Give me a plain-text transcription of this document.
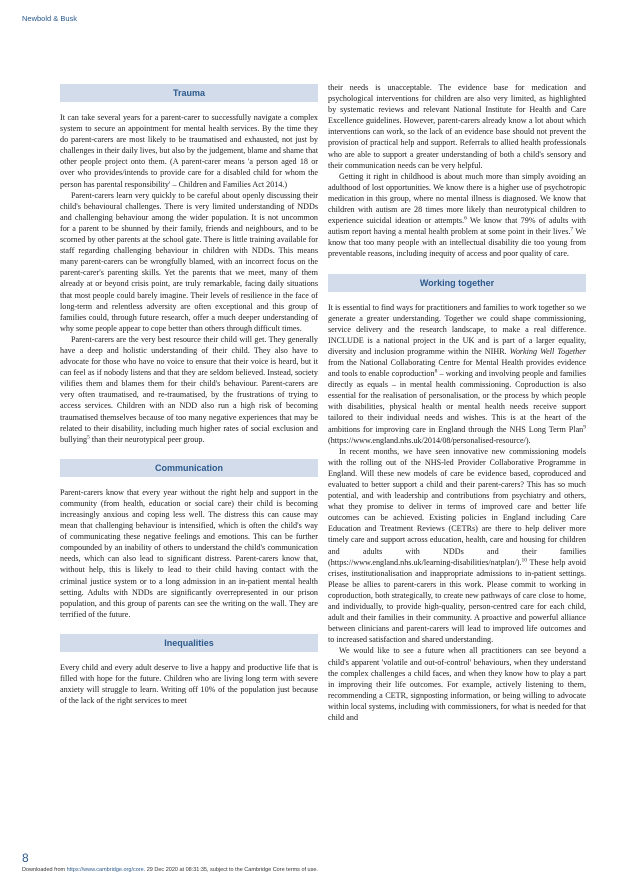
Newbold & Busk
Trauma

It can take several years for a parent-carer to successfully navigate a complex system to secure an appointment for mental health services. By the time they do parent-carers are most likely to be traumatised and exhausted, not just by challenges in their daily lives, but also by the judgement, blame and shame that other people project onto them. (A parent-carer means 'a person aged 18 or over who provides/intends to provide care for a disabled child for whom the person has parental responsibility' – Children and Families Act 2014.)

Parent-carers learn very quickly to be careful about openly discussing their child's behavioural challenges. There is very limited understanding of NDDs and challenging behaviour among the wider population. It is not uncommon for a parent to be shunned by their family, friends and neighbours, and to be scorned by other parents at the school gate. There is little training available for staff regarding challenging behaviour in children with NDDs. This means many parent-carers can be wrongfully blamed, with an incorrect focus on the parent-carer's parenting skills. Yet the parents that we meet, many of them already at or beyond crisis point, are truly remarkable, facing daily situations that most people could barely imagine. Their levels of resilience in the face of long-term and relentless adversity are often exceptional and this group of families could, through future research, offer a much deeper understanding of why some people appear to cope better than others through difficult times.

Parent-carers are the very best resource their child will get. They generally have a deep and holistic understanding of their child. They also have to advocate for those who have no voice to ensure that their voice is heard, but it can feel as if nobody listens and that they are seldom believed. Instead, society vilifies them and blames them for their child's behaviour. Parent-carers are very often traumatised, and re-traumatised, by the frustrations of trying to access services. Children with an NDD also run a high risk of becoming traumatised themselves because of too many negative experiences that may be related to their disability, including much higher rates of social exclusion and bullying$^5$ than their neurotypical peer group.

Communication

Parent-carers know that every year without the right help and support in the community (from health, education or social care) their child is becoming increasingly anxious and coping less well. The distress this can cause may mean that challenging behaviour is intensified, which is often the child's way of communicating these negative feelings and emotions. This can be further compounded by an inability of others to understand the child's communication needs, which can also lead to significant distress. Parent-carers know that, without help, this is likely to lead to their child having contact with the criminal justice system or to a long admission in an in-patient mental health setting. Adults with NDDs are significantly overrepresented in our prison population, and this group of parents can see the writing on the wall. They are terrified of the future.

Inequalities

Every child and every adult deserve to live a happy and productive life that is filled with hope for the future. Children who are living long term with severe anxiety will struggle to learn. Writing off 10% of the population just because of the lack of the right services to meet

their needs is unacceptable. The evidence base for medication and psychological interventions for children are also very limited, as highlighted by systematic reviews and relevant National Institute for Health and Care Excellence guidelines. However, parent-carers already know a lot about which interventions can work, so the lack of an evidence base should not prevent the provision of practical help and support. Referrals to allied health professionals who are able to support a greater understanding of both a child's sensory and their communication needs can be very helpful.

Getting it right in childhood is about much more than simply avoiding an adulthood of lost opportunities. We know there is a higher use of psychotropic medication in this group, where no mental illness is diagnosed. We know that children with autism are 28 times more likely than neurotypical children to experience suicidal ideation or attempts.$^6$ We know that 79% of adults with autism report having a mental health problem at some point in their lives.$^7$ We know that too many people with an intellectual disability die too young from preventable reasons, including inequity of access and poor quality of care.

Working together

It is essential to find ways for practitioners and families to work together so we generate a greater understanding. Together we could shape commissioning, service delivery and the research landscape, to make a real difference. INCLUDE is a national project in the UK and is part of a larger equality, diversity and inclusion programme within the NIHR. Working Well Together from the National Collaborating Centre for Mental Health provides evidence and tools to enable coproduction$^8$ – working and involving people and families directly as equals – in mental health commissioning. Coproduction is also essential for the realisation of personalisation, or the process by which people with disabilities, physical health or mental health needs receive support tailored to their individual needs and wishes. This is at the heart of the ambitions for improving care in England through the NHS Long Term Plan$^9$ (https://www.england.nhs.uk/2014/08/personalised-resource/).

In recent months, we have seen innovative new commissioning models with the rolling out of the NHS-led Provider Collaborative Programme in England. Will these new models of care be evidence based, coproduced and evaluated to better support a child and their parent-carers? This has so much potential, and with leadership and contributions from psychiatry and others, what they promise to deliver in terms of improved care and better life outcomes can be achieved. Existing policies in England including Care Education and Treatment Reviews (CETRs) are there to help deliver more timely care and support across education, health, care and housing for children and adults with NDDs and their families (https://www.england.nhs.uk/learning-disabilities/natplan/).$^{10}$ These help avoid crises, institutionalisation and inappropriate admissions to in-patient settings. Please be allies to parent-carers in this work. Please commit to working in coproduction, both strategically, to create new pathways of care close to home, and individually, to provide high-quality, person-centred care for each child, adult and their families in their community. A proactive and powerful alliance between clinicians and parent-carers will lead to improved life outcomes and to increased satisfaction and shared understanding.

We would like to see a future when all practitioners can see beyond a child's apparent 'volatile and out-of-control' behaviours, when they understand the complex challenges a child faces, and when they know how to play a part in improving their life outcomes. For example, actively listening to them, recommending a CETR, signposting information, or being willing to advocate within local systems, including with commissioners, for what is needed for that child and

8
Downloaded from https://www.cambridge.org/core. 29 Dec 2020 at 08:31:35, subject to the Cambridge Core terms of use.
